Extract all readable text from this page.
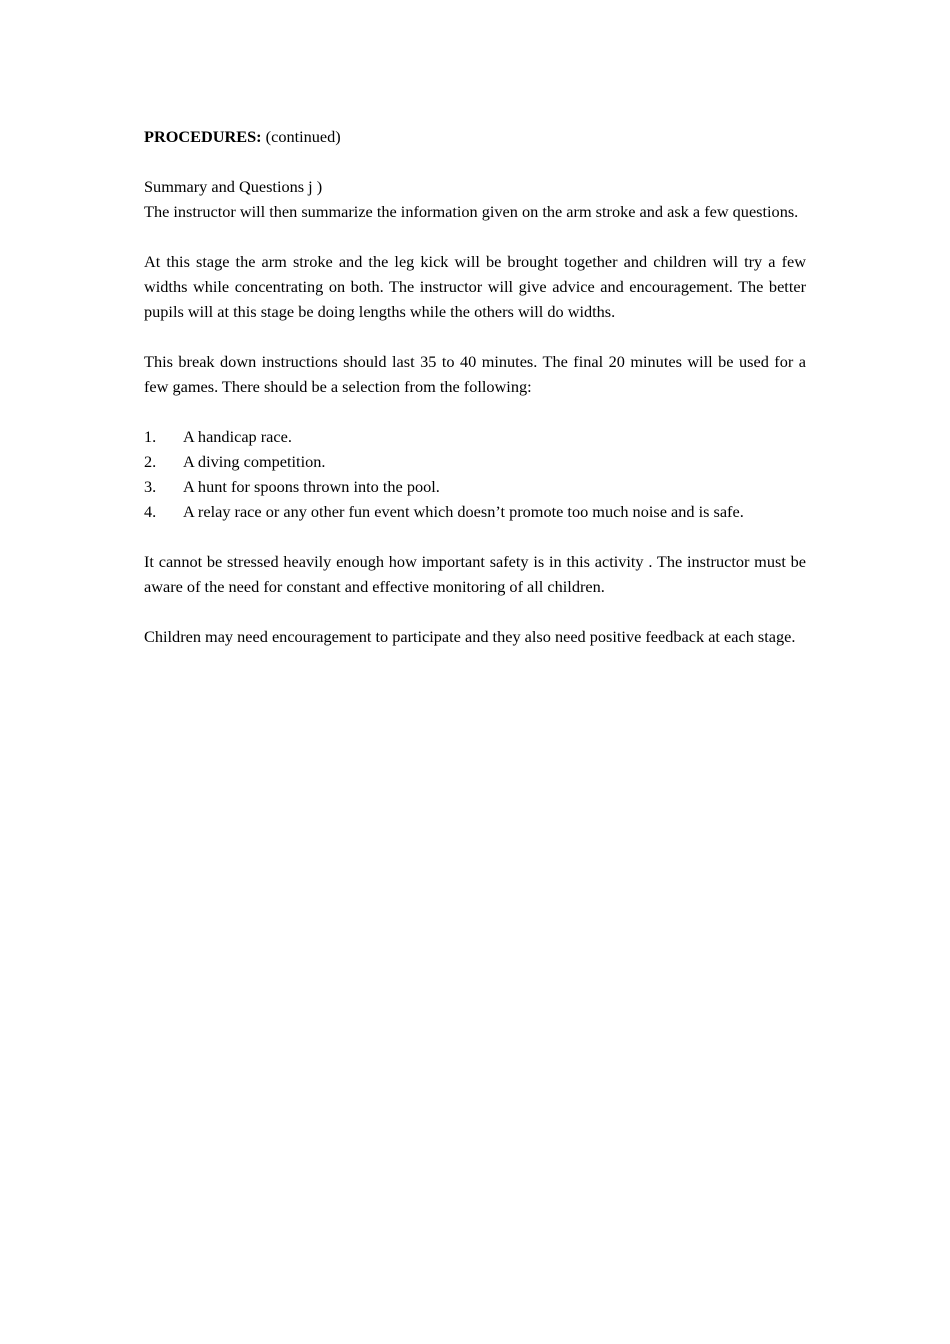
PROCEDURES: (continued)

Summary and Questions j )

The instructor will then summarize the information given on the arm stroke and ask a few questions.

At this stage the arm stroke and the leg kick will be brought together and children will try a few widths while concentrating on both. The instructor will give advice and encouragement. The better pupils will at this stage be doing lengths while the others will do widths.

This break down instructions should last 35 to 40 minutes. The final 20 minutes will be used for a few games. There should be a selection from the following:

1.	A handicap race.
2.	A diving competition.
3.	A hunt for spoons thrown into the pool.
4.	A relay race or any other fun event which doesn’t promote too much noise and is safe.

It cannot be stressed heavily enough how important safety is in this activity . The instructor must be aware of the need for constant and effective monitoring of all children.

Children may need encouragement to participate and they also need positive feedback at each stage.
